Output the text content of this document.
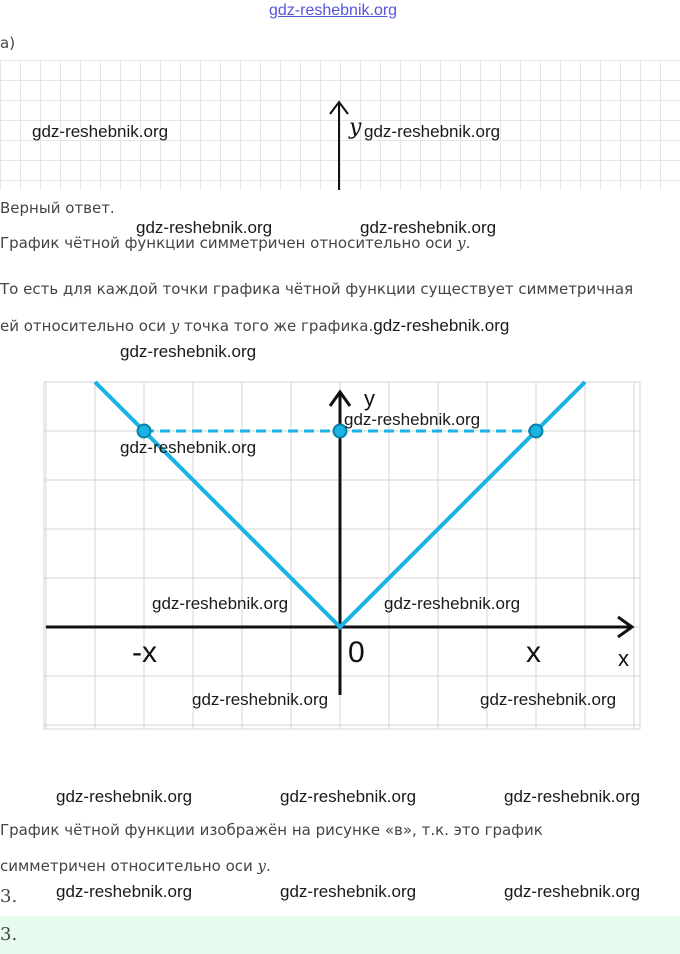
gdz-reshebnik.org
а)
y
gdz-reshebnik.org	gdz-reshebnik.org
Верный ответ.
gdz-reshebnik.org	gdz-reshebnik.org
График чётной функции симметричен относительно оси y.
То есть для каждой точки графика чётной функции существует симметричная
ей относительно оси y точка того же графика.gdz-reshebnik.org
gdz-reshebnik.org
y
x
-x	0	x
gdz-reshebnik.org
gdz-reshebnik.org
gdz-reshebnik.org	gdz-reshebnik.org
gdz-reshebnik.org	gdz-reshebnik.org
gdz-reshebnik.org	gdz-reshebnik.org	gdz-reshebnik.org
График чётной функции изображён на рисунке «в», т.к. это график
симметричен относительно оси y.
3. gdz-reshebnik.org	gdz-reshebnik.org	gdz-reshebnik.org
3.
